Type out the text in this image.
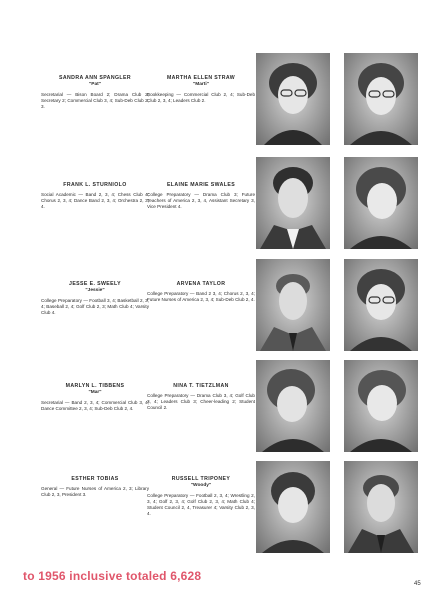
SANDRA ANN SPANGLER
"Pat"
Secretarial — Bison Board 2; Drama Club 2; Secretary 2; Commercial Club 3, 4; Sub-Deb Club 2, 3.
MARTHA ELLEN STRAW
"Marti"
Bookkeeping — Commercial Club 2, 4; Sub-Deb Club 2, 3, 4; Leaders Club 2.
FRANK L. STURNIOLO
Social Academic — Band 2, 3, 4; Chess Club 4; Chorus 2, 3, 4; Dance Band 2, 3, 4; Orchestra 2, 3, 4.
ELAINE MARIE SWALES
College Preparatory — Drama Club 3; Future Teachers of America 2, 3, 4, Assistant Secretary 3, Vice President 4.
JESSE E. SWEELY
"Jessie"
College Preparatory — Football 3, 4; Basketball 2, 3, 4; Baseball 2, 4; Golf Club 2, 3; Math Club 4; Varsity Club 4.
ARVENA TAYLOR
College Preparatory — Band 2 3, 4; Chorus 2, 3, 4; Future Nurses of America 2, 3, 4; Sub-Deb Club 2, 4.
MARLYN L. TIBBENS
"Mar"
Secretarial — Band 2, 3, 4; Commercial Club 3, 4; Dance Committee 2, 3, 4; Sub-Deb Club 2, 4.
NINA T. TIETZLMAN
College Preparatory — Drama Club 3, 4; Golf Club 3, 4; Leaders Club 3; Cheer-leading 2; Student Council 2.
ESTHER TOBIAS
General — Future Nurses of America 2, 3; Library Club 2, 3, President 3.
RUSSELL TRIPONEY
"Woody"
College Preparatory — Football 2, 3, 4; Wrestling 2, 3, 4; Golf 2, 3, 4; Golf Club 2, 3, 4; Math Club 4; Student Council 2, 4, Treasurer 4; Varsity Club 2, 3, 4.
to 1956 inclusive totaled 6,628
45
